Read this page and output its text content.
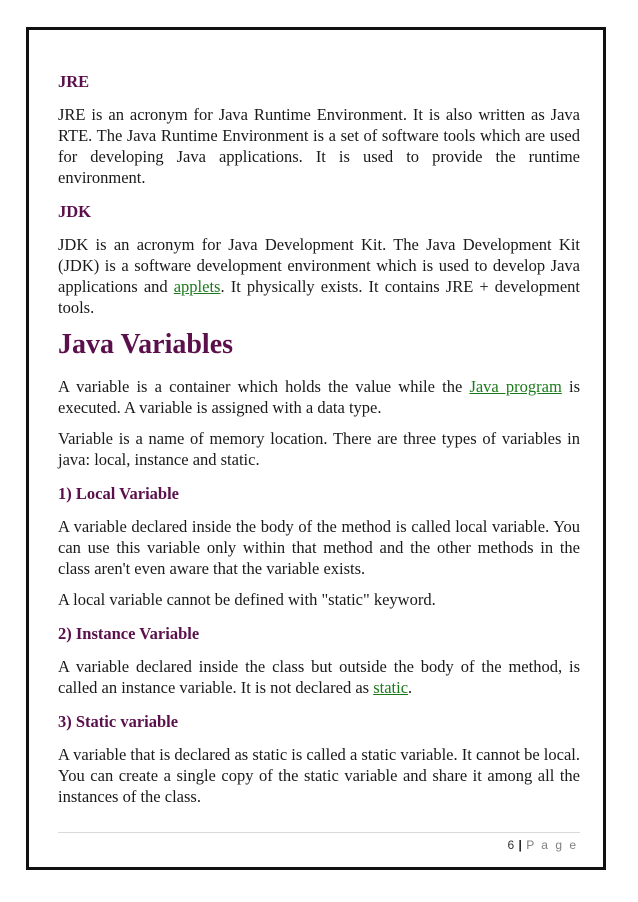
JRE

JRE is an acronym for Java Runtime Environment. It is also written as Java RTE. The Java Runtime Environment is a set of software tools which are used for developing Java applications. It is used to provide the runtime environment.

JDK

JDK is an acronym for Java Development Kit. The Java Development Kit (JDK) is a software development environment which is used to develop Java applications and applets. It physically exists. It contains JRE + development tools.

Java Variables

A variable is a container which holds the value while the Java program is executed. A variable is assigned with a data type.

Variable is a name of memory location. There are three types of variables in java: local, instance and static.

1) Local Variable

A variable declared inside the body of the method is called local variable. You can use this variable only within that method and the other methods in the class aren't even aware that the variable exists.

A local variable cannot be defined with "static" keyword.

2) Instance Variable

A variable declared inside the class but outside the body of the method, is called an instance variable. It is not declared as static.

3) Static variable

A variable that is declared as static is called a static variable. It cannot be local. You can create a single copy of the static variable and share it among all the instances of the class.

6 | P a g e
